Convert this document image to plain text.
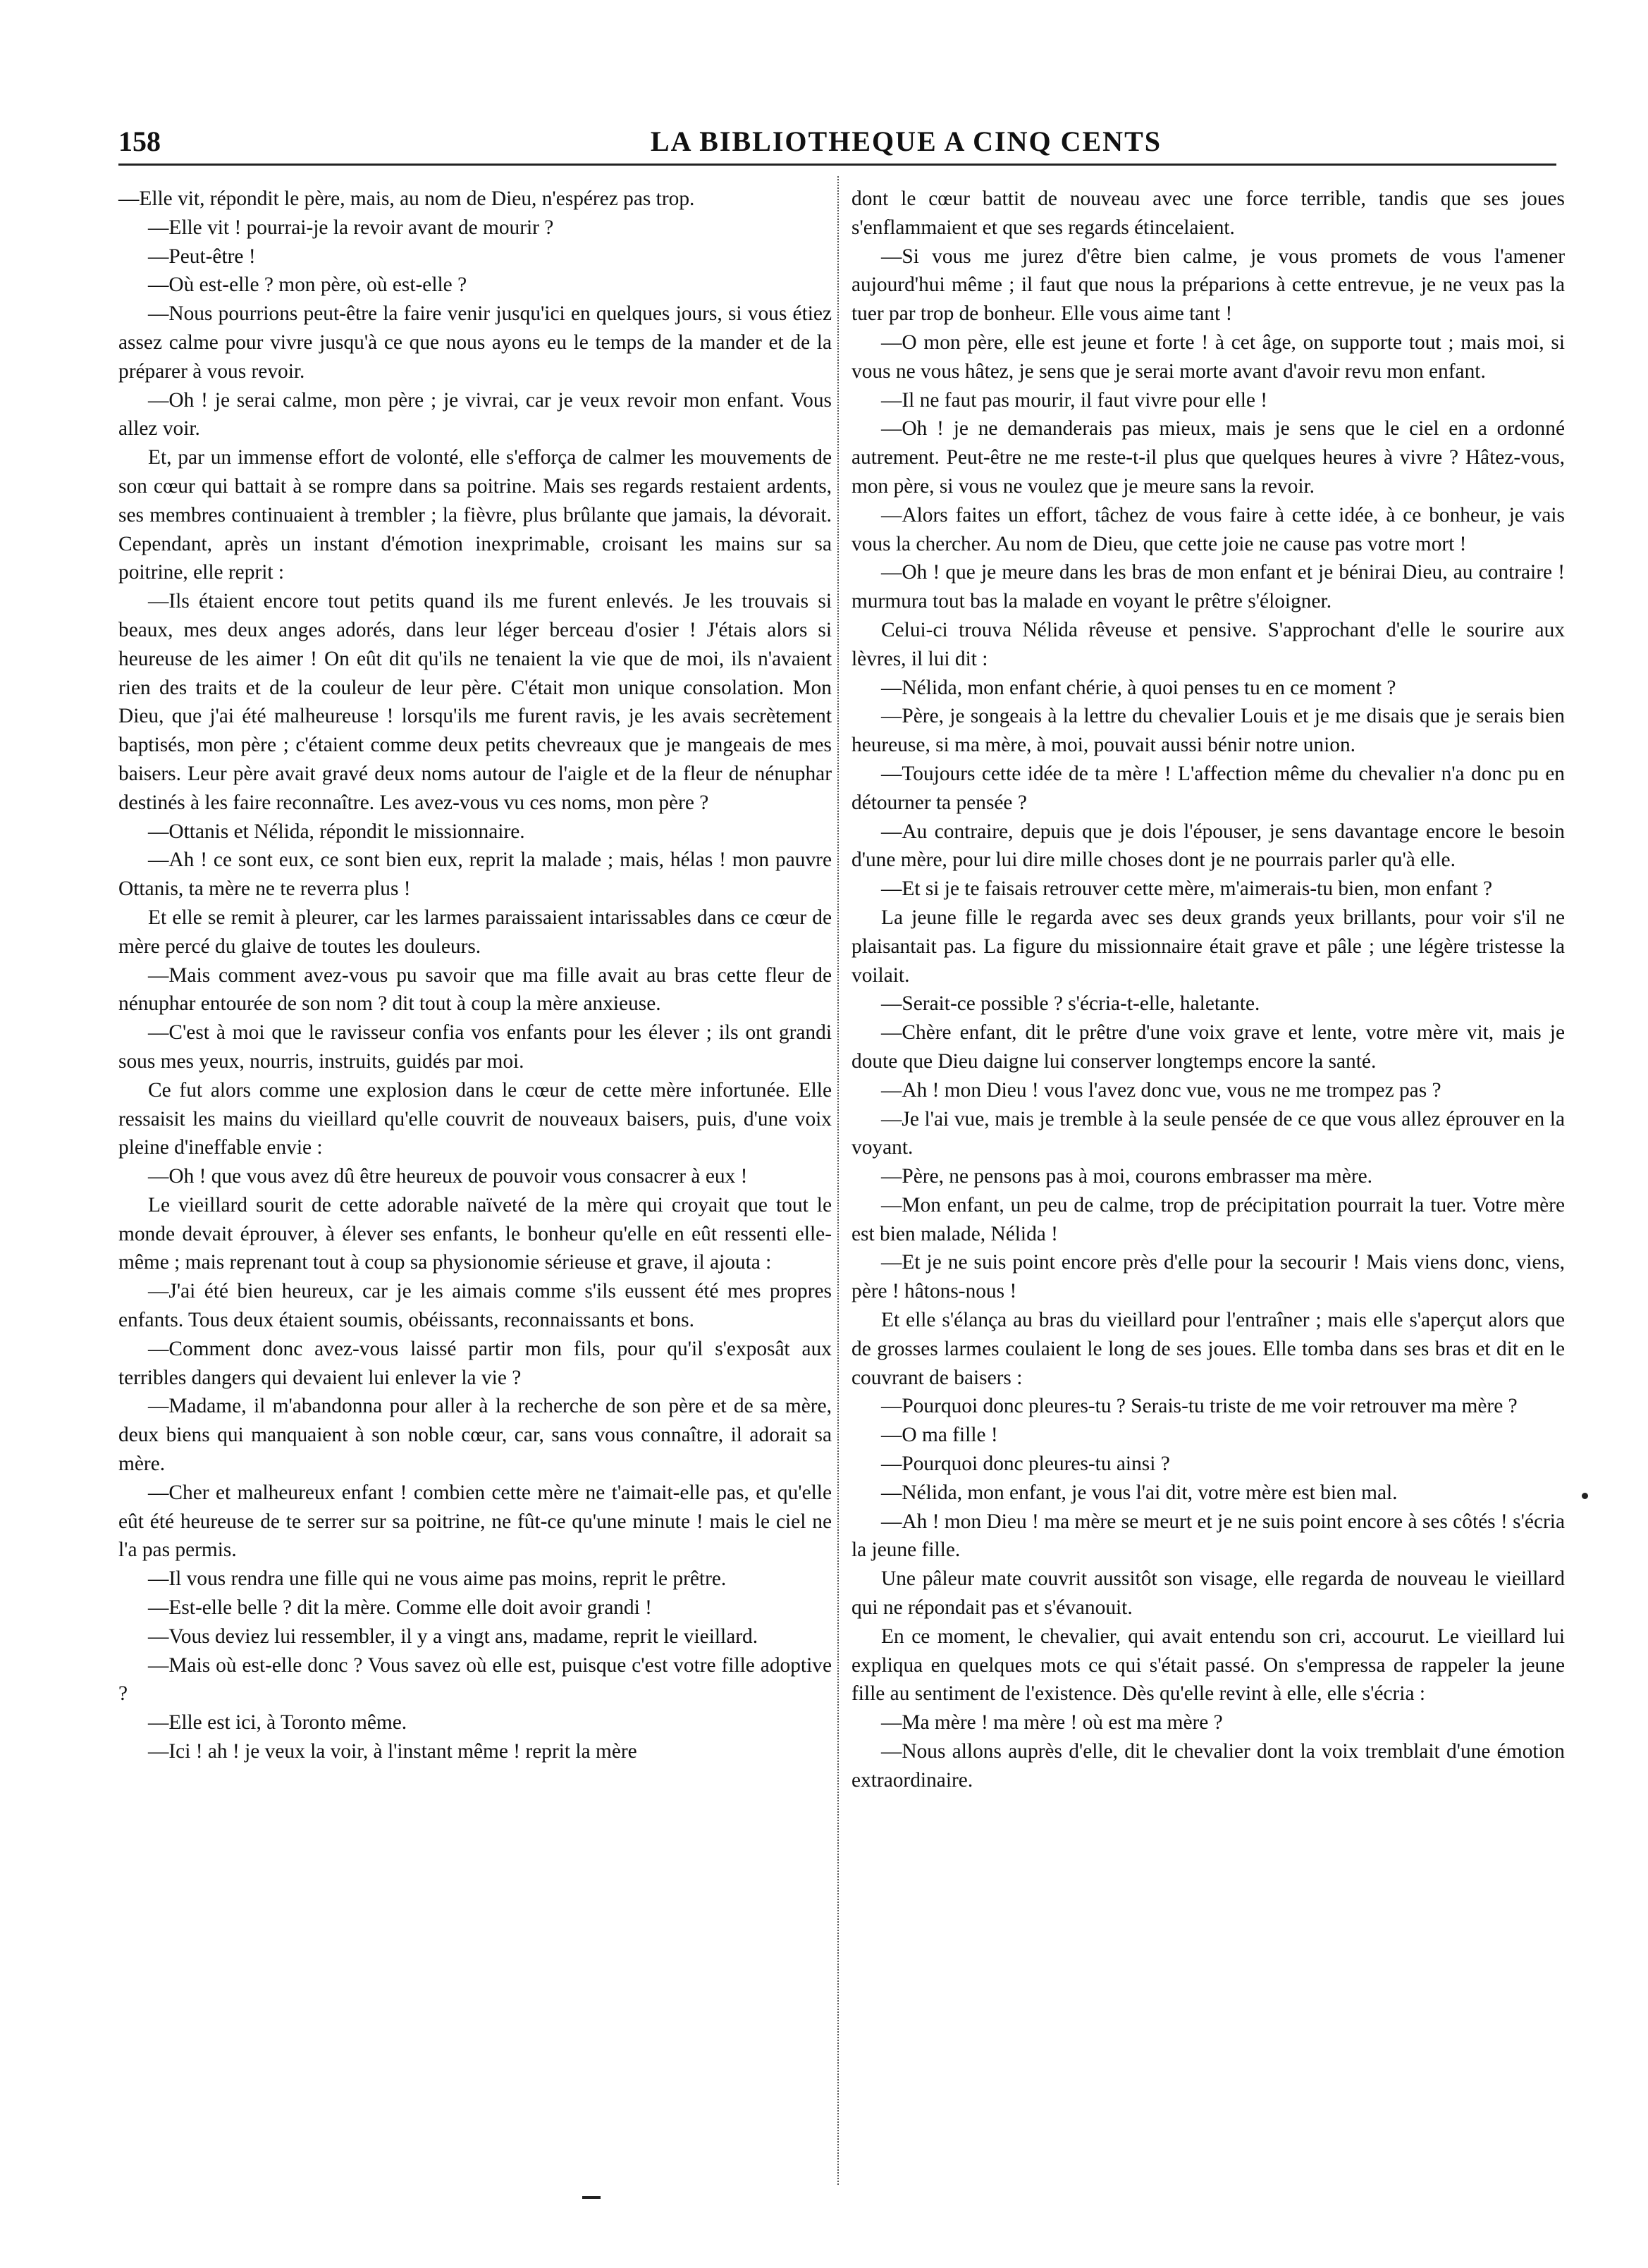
158	LA BIBLIOTHEQUE A CINQ CENTS

—Elle vit, répondit le père, mais, au nom de Dieu, n'espérez pas trop.

—Elle vit ! pourrai-je la revoir avant de mourir ?

—Peut-être !

—Où est-elle ? mon père, où est-elle ?

—Nous pourrions peut-être la faire venir jusqu'ici en quelques jours, si vous étiez assez calme pour vivre jusqu'à ce que nous ayons eu le temps de la mander et de la préparer à vous revoir.

—Oh ! je serai calme, mon père ; je vivrai, car je veux revoir mon enfant. Vous allez voir.

Et, par un immense effort de volonté, elle s'efforça de calmer les mouvements de son cœur qui battait à se rompre dans sa poitrine. Mais ses regards restaient ardents, ses membres continuaient à trembler ; la fièvre, plus brûlante que jamais, la dévorait. Cependant, après un instant d'émotion inexprimable, croisant les mains sur sa poitrine, elle reprit :

—Ils étaient encore tout petits quand ils me furent enlevés. Je les trouvais si beaux, mes deux anges adorés, dans leur léger berceau d'osier ! J'étais alors si heureuse de les aimer ! On eût dit qu'ils ne tenaient la vie que de moi, ils n'avaient rien des traits et de la couleur de leur père. C'était mon unique consolation. Mon Dieu, que j'ai été malheureuse ! lorsqu'ils me furent ravis, je les avais secrètement baptisés, mon père ; c'étaient comme deux petits chevreaux que je mangeais de mes baisers. Leur père avait gravé deux noms autour de l'aigle et de la fleur de nénuphar destinés à les faire reconnaître. Les avez-vous vu ces noms, mon père ?

—Ottanis et Nélida, répondit le missionnaire.

—Ah ! ce sont eux, ce sont bien eux, reprit la malade ; mais, hélas ! mon pauvre Ottanis, ta mère ne te reverra plus !

Et elle se remit à pleurer, car les larmes paraissaient intarissables dans ce cœur de mère percé du glaive de toutes les douleurs.

—Mais comment avez-vous pu savoir que ma fille avait au bras cette fleur de nénuphar entourée de son nom ? dit tout à coup la mère anxieuse.

—C'est à moi que le ravisseur confia vos enfants pour les élever ; ils ont grandi sous mes yeux, nourris, instruits, guidés par moi.

Ce fut alors comme une explosion dans le cœur de cette mère infortunée. Elle ressaisit les mains du vieillard qu'elle couvrit de nouveaux baisers, puis, d'une voix pleine d'ineffable envie :

—Oh ! que vous avez dû être heureux de pouvoir vous consacrer à eux !

Le vieillard sourit de cette adorable naïveté de la mère qui croyait que tout le monde devait éprouver, à élever ses enfants, le bonheur qu'elle en eût ressenti elle-même ; mais reprenant tout à coup sa physionomie sérieuse et grave, il ajouta :

—J'ai été bien heureux, car je les aimais comme s'ils eussent été mes propres enfants. Tous deux étaient soumis, obéissants, reconnaissants et bons.

—Comment donc avez-vous laissé partir mon fils, pour qu'il s'exposât aux terribles dangers qui devaient lui enlever la vie ?

—Madame, il m'abandonna pour aller à la recherche de son père et de sa mère, deux biens qui manquaient à son noble cœur, car, sans vous connaître, il adorait sa mère.

—Cher et malheureux enfant ! combien cette mère ne t'aimait-elle pas, et qu'elle eût été heureuse de te serrer sur sa poitrine, ne fût-ce qu'une minute ! mais le ciel ne l'a pas permis.

—Il vous rendra une fille qui ne vous aime pas moins, reprit le prêtre.

—Est-elle belle ? dit la mère. Comme elle doit avoir grandi !

—Vous deviez lui ressembler, il y a vingt ans, madame, reprit le vieillard.

—Mais où est-elle donc ? Vous savez où elle est, puisque c'est votre fille adoptive ?

—Elle est ici, à Toronto même.

—Ici ! ah ! je veux la voir, à l'instant même ! reprit la mère

dont le cœur battit de nouveau avec une force terrible, tandis que ses joues s'enflammaient et que ses regards étincelaient.

—Si vous me jurez d'être bien calme, je vous promets de vous l'amener aujourd'hui même ; il faut que nous la préparions à cette entrevue, je ne veux pas la tuer par trop de bonheur. Elle vous aime tant !

—O mon père, elle est jeune et forte ! à cet âge, on supporte tout ; mais moi, si vous ne vous hâtez, je sens que je serai morte avant d'avoir revu mon enfant.

—Il ne faut pas mourir, il faut vivre pour elle !

—Oh ! je ne demanderais pas mieux, mais je sens que le ciel en a ordonné autrement. Peut-être ne me reste-t-il plus que quelques heures à vivre ? Hâtez-vous, mon père, si vous ne voulez que je meure sans la revoir.

—Alors faites un effort, tâchez de vous faire à cette idée, à ce bonheur, je vais vous la chercher. Au nom de Dieu, que cette joie ne cause pas votre mort !

—Oh ! que je meure dans les bras de mon enfant et je bénirai Dieu, au contraire ! murmura tout bas la malade en voyant le prêtre s'éloigner.

Celui-ci trouva Nélida rêveuse et pensive. S'approchant d'elle le sourire aux lèvres, il lui dit :

—Nélida, mon enfant chérie, à quoi penses tu en ce moment ?

—Père, je songeais à la lettre du chevalier Louis et je me disais que je serais bien heureuse, si ma mère, à moi, pouvait aussi bénir notre union.

—Toujours cette idée de ta mère ! L'affection même du chevalier n'a donc pu en détourner ta pensée ?

—Au contraire, depuis que je dois l'épouser, je sens davantage encore le besoin d'une mère, pour lui dire mille choses dont je ne pourrais parler qu'à elle.

—Et si je te faisais retrouver cette mère, m'aimerais-tu bien, mon enfant ?

La jeune fille le regarda avec ses deux grands yeux brillants, pour voir s'il ne plaisantait pas. La figure du missionnaire était grave et pâle ; une légère tristesse la voilait.

—Serait-ce possible ? s'écria-t-elle, haletante.

—Chère enfant, dit le prêtre d'une voix grave et lente, votre mère vit, mais je doute que Dieu daigne lui conserver longtemps encore la santé.

—Ah ! mon Dieu ! vous l'avez donc vue, vous ne me trompez pas ?

—Je l'ai vue, mais je tremble à la seule pensée de ce que vous allez éprouver en la voyant.

—Père, ne pensons pas à moi, courons embrasser ma mère.

—Mon enfant, un peu de calme, trop de précipitation pourrait la tuer. Votre mère est bien malade, Nélida !

—Et je ne suis point encore près d'elle pour la secourir ! Mais viens donc, viens, père ! hâtons-nous !

Et elle s'élança au bras du vieillard pour l'entraîner ; mais elle s'aperçut alors que de grosses larmes coulaient le long de ses joues. Elle tomba dans ses bras et dit en le couvrant de baisers :

—Pourquoi donc pleures-tu ? Serais-tu triste de me voir retrouver ma mère ?

—O ma fille !

—Pourquoi donc pleures-tu ainsi ?

—Nélida, mon enfant, je vous l'ai dit, votre mère est bien mal.

—Ah ! mon Dieu ! ma mère se meurt et je ne suis point encore à ses côtés ! s'écria la jeune fille.

Une pâleur mate couvrit aussitôt son visage, elle regarda de nouveau le vieillard qui ne répondait pas et s'évanouit.

En ce moment, le chevalier, qui avait entendu son cri, accourut. Le vieillard lui expliqua en quelques mots ce qui s'était passé. On s'empressa de rappeler la jeune fille au sentiment de l'existence. Dès qu'elle revint à elle, elle s'écria :

—Ma mère ! ma mère ! où est ma mère ?

—Nous allons auprès d'elle, dit le chevalier dont la voix tremblait d'une émotion extraordinaire.
